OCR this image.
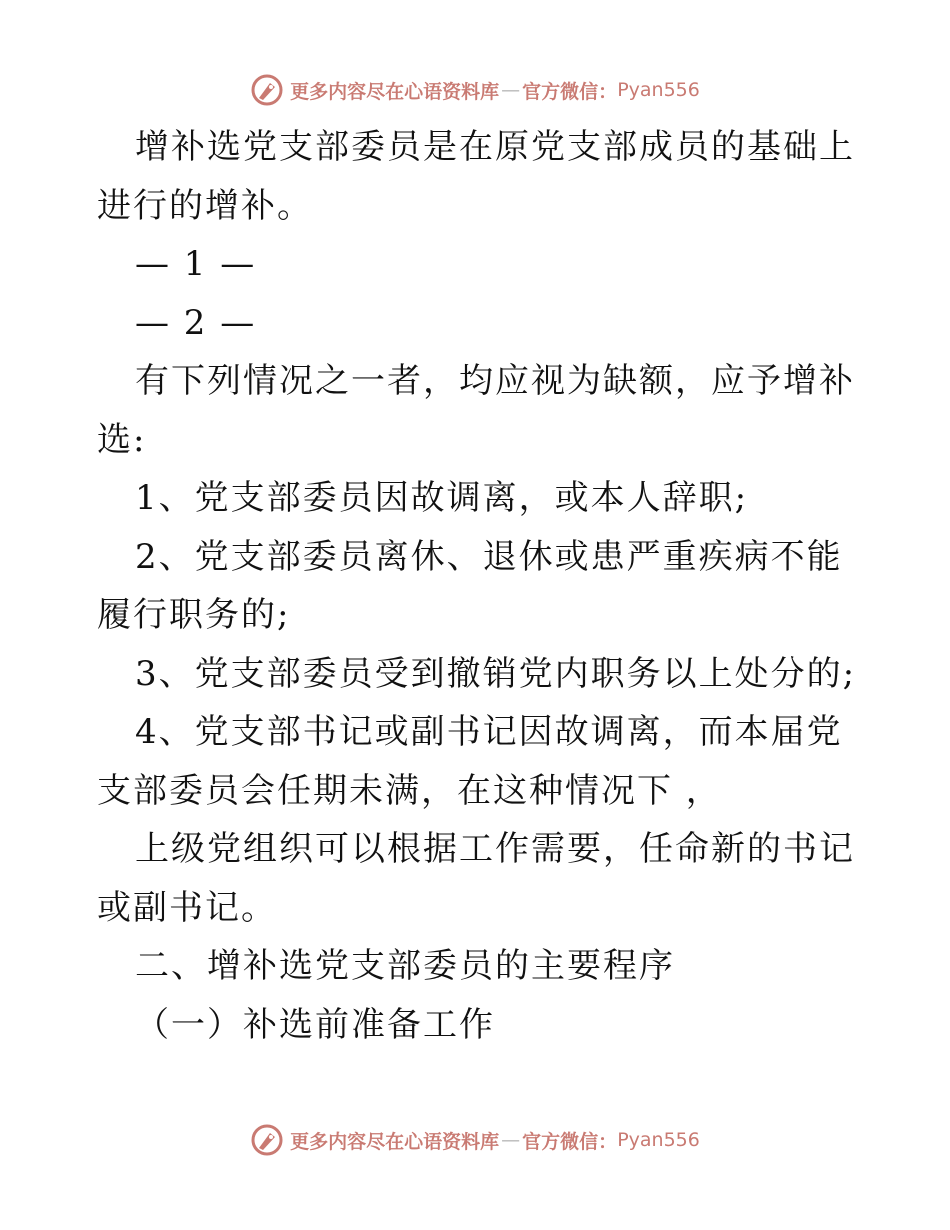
更多内容尽在心语资料库 — 官方微信： Pyan556

增补选党支部委员是在原党支部成员的基础上进行的增补。

— 1 —

— 2 —

有下列情况之一者，均应视为缺额，应予增补选:

1、党支部委员因故调离，或本人辞职;

2、党支部委员离休、退休或患严重疾病不能履行职务的;

3、党支部委员受到撤销党内职务以上处分的;

4、党支部书记或副书记因故调离，而本届党支部委员会任期未满，在这种情况下 ，

上级党组织可以根据工作需要，任命新的书记或副书记。

二、增补选党支部委员的主要程序

（一）补选前准备工作

更多内容尽在心语资料库 — 官方微信： Pyan556
